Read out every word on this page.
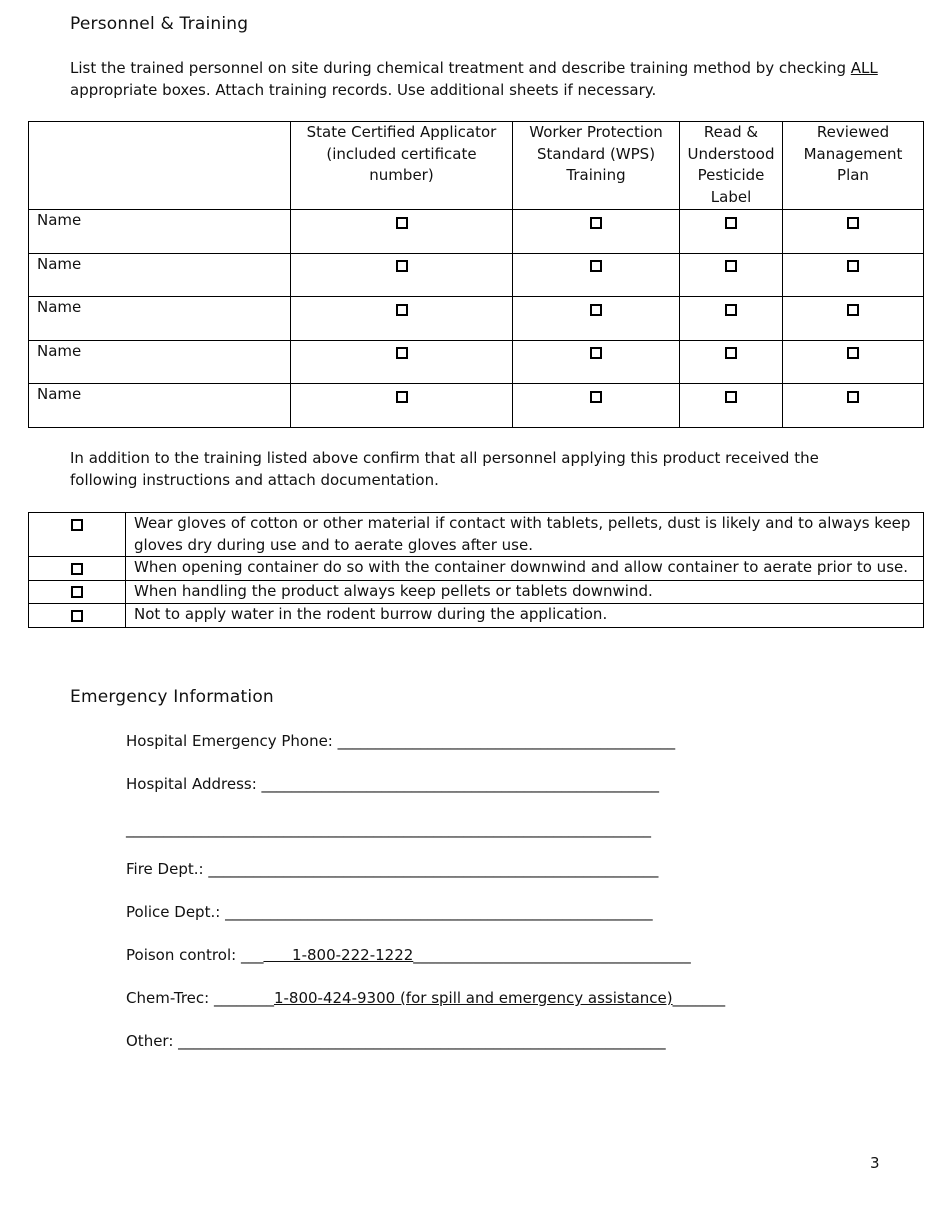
Personnel & Training
List the trained personnel on site during chemical treatment and describe training method by checking ALL
appropriate boxes. Attach training records. Use additional sheets if necessary.
	State Certified Applicator (included certificate number)	Worker Protection Standard (WPS) Training	Read & Understood Pesticide Label	Reviewed Management Plan
Name				
Name				
Name				
Name				
Name				
In addition to the training listed above confirm that all personnel applying this product received the
following instructions and attach documentation.
	Wear gloves of cotton or other material if contact with tablets, pellets, dust is likely and to always keep gloves dry during use and to aerate gloves after use.
	When opening container do so with the container downwind and allow container to aerate prior to use.
	When handling the product always keep pellets or tablets downwind.
	Not to apply water in the rodent burrow during the application.
Emergency Information
Hospital Emergency Phone: _____________________________________________
Hospital Address: _____________________________________________________
______________________________________________________________________
Fire Dept.: ____________________________________________________________
Police Dept.: _________________________________________________________
Poison control: ___      1-800-222-1222_____________________________________
Chem-Trec: ________1-800-424-9300 (for spill and emergency assistance)_______
Other: _________________________________________________________________
3
